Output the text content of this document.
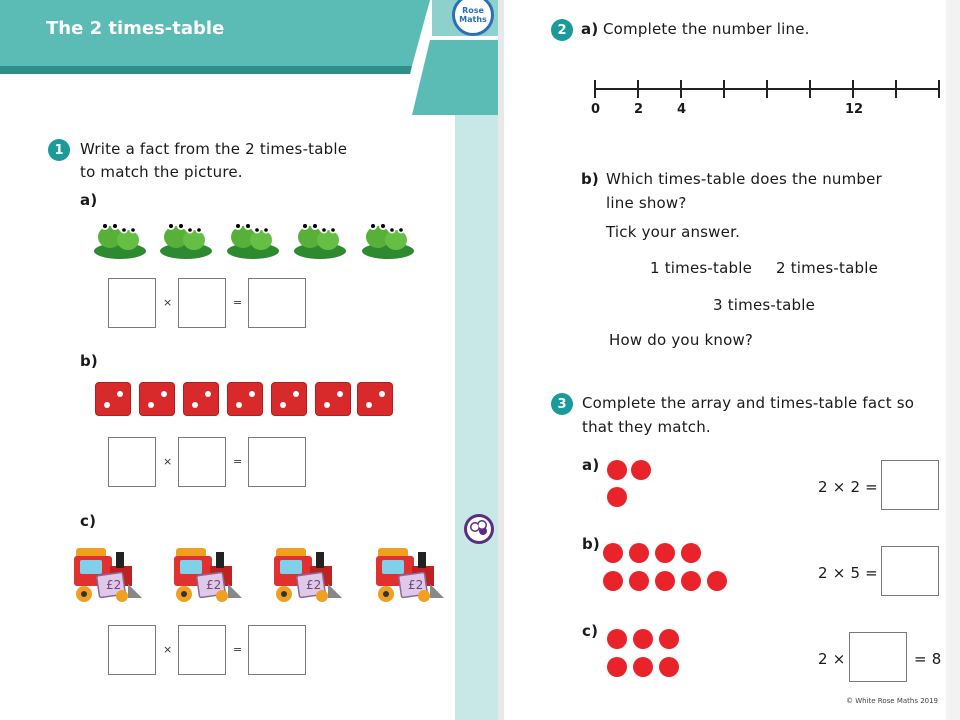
The 2 times-table
Rose
Maths
1	Write a fact from the 2 times-table
to match the picture.
a)
×	=
b)
×	=
c)
£2	£2	£2	£2
×	=
2 a) Complete the number line.
0	2	4	12
b) Which times-table does the number
line show?
Tick your answer.
1 times-table 2 times-table
3 times-table
How do you know?
3	Complete the array and times-table fact so
that they match.
a)
2 × 2 =
b)
2 × 5 =
c)
2 ×	= 8
© White Rose Maths 2019
